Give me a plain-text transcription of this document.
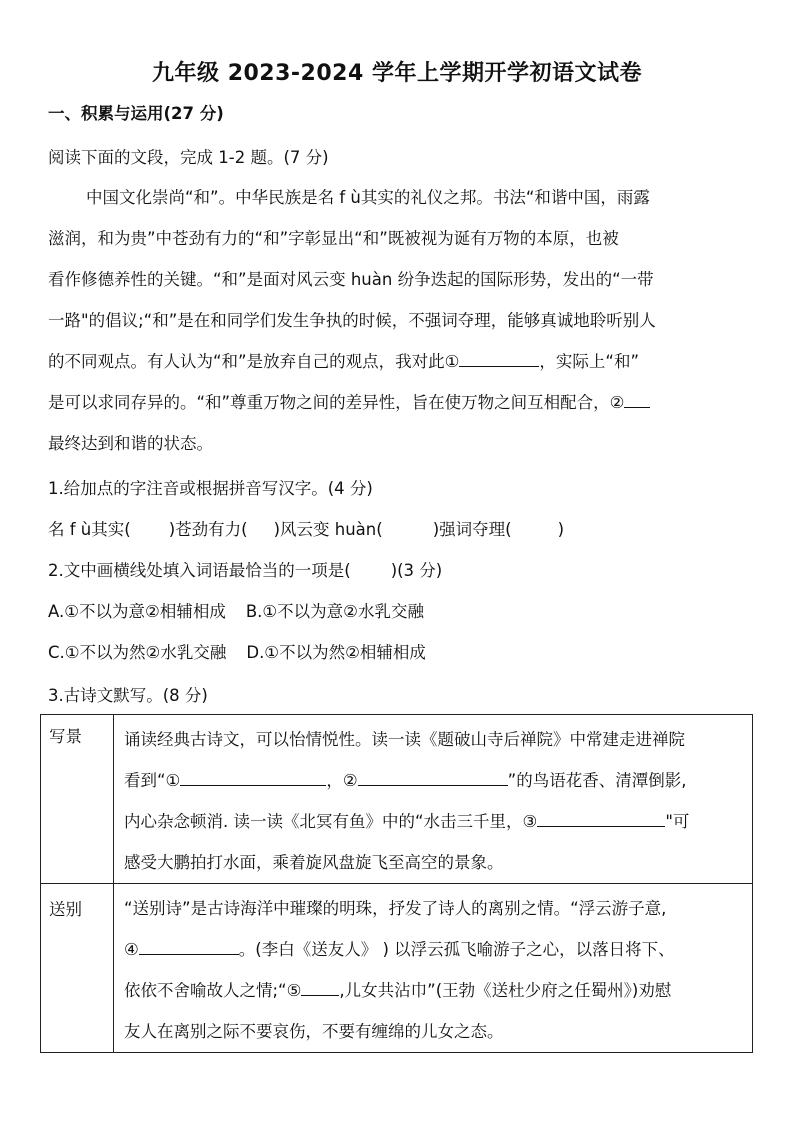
九年级 2023-2024 学年上学期开学初语文试卷
一、积累与运用(27 分)
阅读下面的文段，完成 1-2 题。(7 分)
中国文化崇尚“和”。中华民族是名 f ù其实的礼仪之邦。书法“和谐中国，雨露
滋润，和为贵”中苍劲有力的“和”字彰显出“和”既被视为诞有万物的本原，也被
看作修德养性的关键。“和”是面对风云变 huàn 纷争迭起的国际形势，发出的“一带
一路"的倡议;“和”是在和同学们发生争执的时候，不强词夺理，能够真诚地聆听别人
的不同观点。有人认为“和”是放弃自己的观点，我对此①	，实际上“和”
是可以求同存异的。“和”尊重万物之间的差异性，旨在使万物之间互相配合，②
最终达到和谐的状态。
1.给加点的字注音或根据拼音写汉字。(4 分)
名 f ù其实( )苍劲有力( )风云变 huàn(	)强词夺理(	)
2.文中画横线处填入词语最恰当的一项是( )(3 分)
A.①不以为意②相辅相成 B.①不以为意②水乳交融
C.①不以为然②水乳交融 D.①不以为然②相辅相成
3.古诗文默写。(8 分)
写景	诵读经典古诗文，可以怡情悦性。读一读《题破山寺后禅院》中常建走进禅院
看到“① ，② ”的鸟语花香、清潭倒影,
内心杂念顿消. 读一读《北冥有鱼》中的“水击三千里，③ "可
感受大鹏拍打水面，乘着旋风盘旋飞至高空的景象。

送别	“送别诗”是古诗海洋中璀璨的明珠，抒发了诗人的离别之情。“浮云游子意,
④ 。(李白《送友人》 ) 以浮云孤飞喻游子之心，以落日将下、
依依不舍喻故人之情;“⑤ ,儿女共沾巾”(王勃《送杜少府之任蜀州》)劝慰
友人在离别之际不要哀伤，不要有缠绵的儿女之态。
